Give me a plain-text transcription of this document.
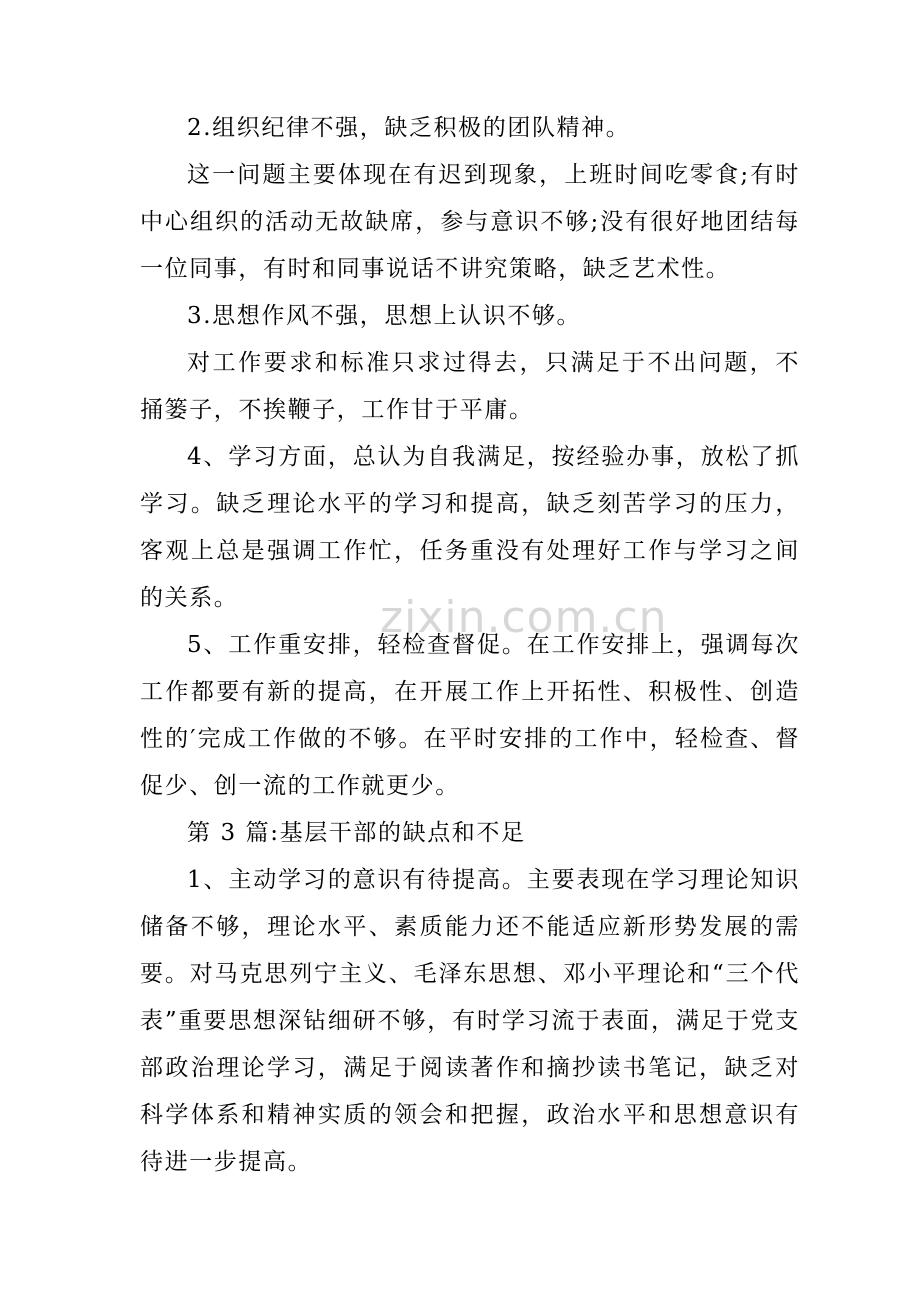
zixin.com.cn

2.组织纪律不强，缺乏积极的团队精神。

这一问题主要体现在有迟到现象，上班时间吃零食;有时中心组织的活动无故缺席，参与意识不够;没有很好地团结每一位同事，有时和同事说话不讲究策略，缺乏艺术性。

3.思想作风不强，思想上认识不够。

对工作要求和标准只求过得去，只满足于不出问题，不捅篓子，不挨鞭子，工作甘于平庸。

4、学习方面，总认为自我满足，按经验办事，放松了抓学习。缺乏理论水平的学习和提高，缺乏刻苦学习的压力，客观上总是强调工作忙，任务重没有处理好工作与学习之间的关系。

5、工作重安排，轻检查督促。在工作安排上，强调每次工作都要有新的提高，在开展工作上开拓性、积极性、创造性的′完成工作做的不够。在平时安排的工作中，轻检查、督促少、创一流的工作就更少。

第 3 篇:基层干部的缺点和不足

1、主动学习的意识有待提高。主要表现在学习理论知识储备不够，理论水平、素质能力还不能适应新形势发展的需要。对马克思列宁主义、毛泽东思想、邓小平理论和“三个代表”重要思想深钻细研不够，有时学习流于表面，满足于党支部政治理论学习，满足于阅读著作和摘抄读书笔记，缺乏对科学体系和精神实质的领会和把握，政治水平和思想意识有待进一步提高。
